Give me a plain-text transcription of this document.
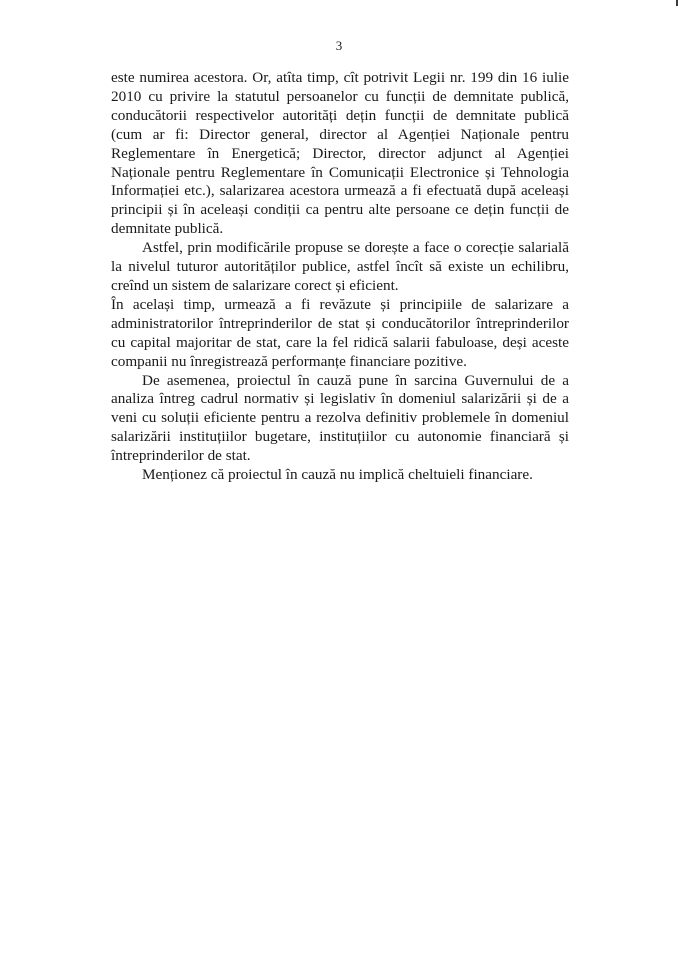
3

este numirea acestora. Or, atîta timp, cît potrivit Legii nr. 199 din 16 iulie 2010 cu privire la statutul persoanelor cu funcții de demnitate publică, conducătorii respectivelor autorități dețin funcții de demnitate publică (cum ar fi: Director general, director al Agenției Naționale pentru Reglementare în Energetică; Director, director adjunct al Agenției Naționale pentru Reglementare în Comunicații Electronice și Tehnologia Informației etc.), salarizarea acestora urmează a fi efectuată după aceleași principii și în aceleași condiții ca pentru alte persoane ce dețin funcții de demnitate publică.

Astfel, prin modificările propuse se dorește a face o corecție salarială la nivelul tuturor autorităților publice, astfel încît să existe un echilibru, creînd un sistem de salarizare corect și eficient.

În același timp, urmează a fi revăzute și principiile de salarizare a administratorilor întreprinderilor de stat și conducătorilor întreprinderilor cu capital majoritar de stat, care la fel ridică salarii fabuloase, deși aceste companii nu înregistrează performanțe financiare pozitive.

De asemenea, proiectul în cauză pune în sarcina Guvernului de a analiza întreg cadrul normativ și legislativ în domeniul salarizării și de a veni cu soluții eficiente pentru a rezolva definitiv problemele în domeniul salarizării instituțiilor bugetare, instituțiilor cu autonomie financiară și întreprinderilor de stat.

Menționez că proiectul în cauză nu implică cheltuieli financiare.
